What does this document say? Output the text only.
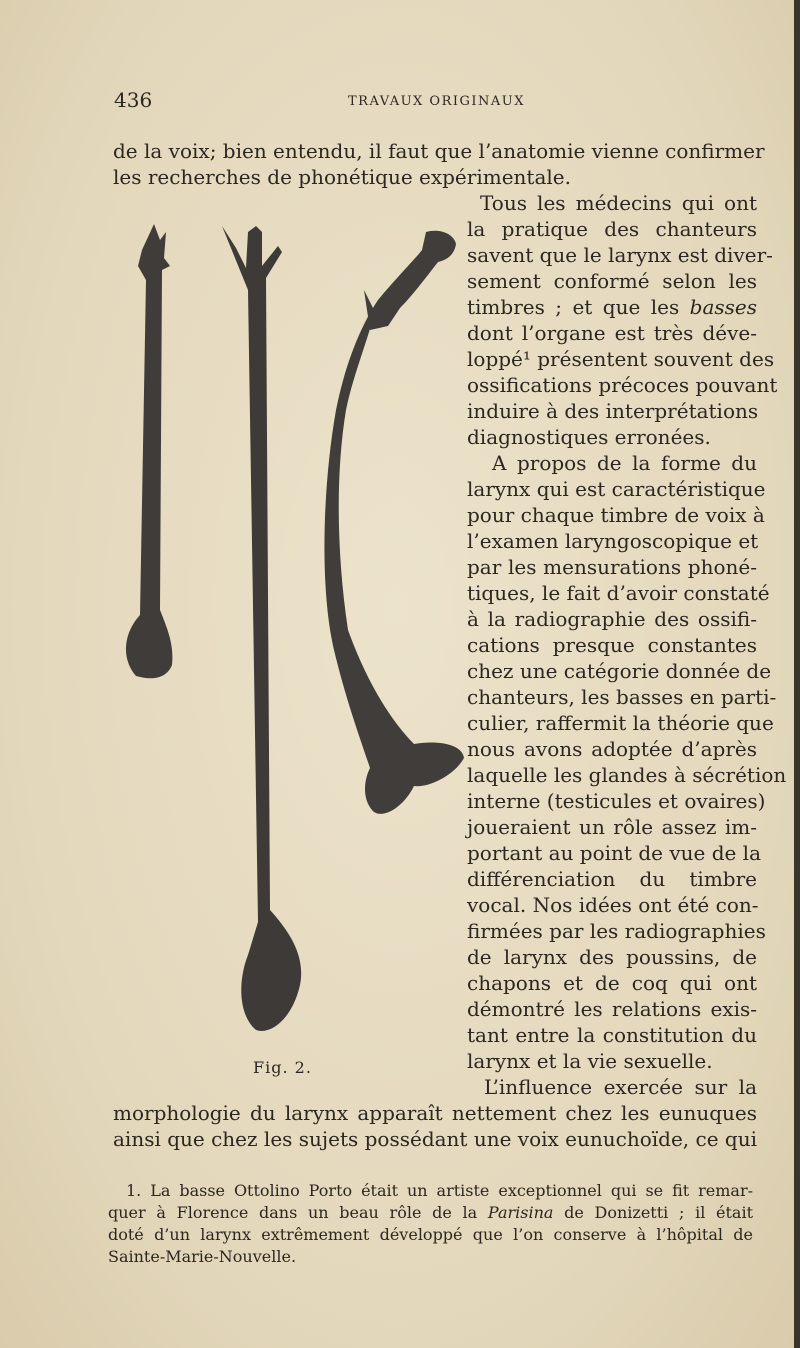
436	TRAVAUX ORIGINAUX
de la voix; bien entendu, il faut que l’anatomie vienne confirmer
les recherches de phonétique expérimentale.
Tous les médecins qui ont
la pratique des chanteurs
savent que le larynx est diver-
sement conformé selon les
timbres ; et que les basses
dont l’organe est très déve-
loppé¹ présentent souvent des
ossifications précoces pouvant
induire à des interprétations
diagnostiques erronées.
A propos de la forme du
larynx qui est caractéristique
pour chaque timbre de voix à
l’examen laryngoscopique et
par les mensurations phoné-
tiques, le fait d’avoir constaté
à la radiographie des ossifi-
cations presque constantes
chez une catégorie donnée de
chanteurs, les basses en parti-
culier, raffermit la théorie que
nous avons adoptée d’après
laquelle les glandes à sécrétion
interne (testicules et ovaires)
joueraient un rôle assez im-
portant au point de vue de la
différenciation du timbre
vocal. Nos idées ont été con-
firmées par les radiographies
de larynx des poussins, de
chapons et de coq qui ont
démontré les relations exis-
tant entre la constitution du
larynx et la vie sexuelle.
L’influence exercée sur la
Fig. 2.
morphologie du larynx apparaît nettement chez les eunuques
ainsi que chez les sujets possédant une voix eunuchoïde, ce qui
1. La basse Ottolino Porto était un artiste exceptionnel qui se fit remar-
quer à Florence dans un beau rôle de la Parisina de Donizetti ; il était
doté d’un larynx extrêmement développé que l’on conserve à l’hôpital de
Sainte-Marie-Nouvelle.
